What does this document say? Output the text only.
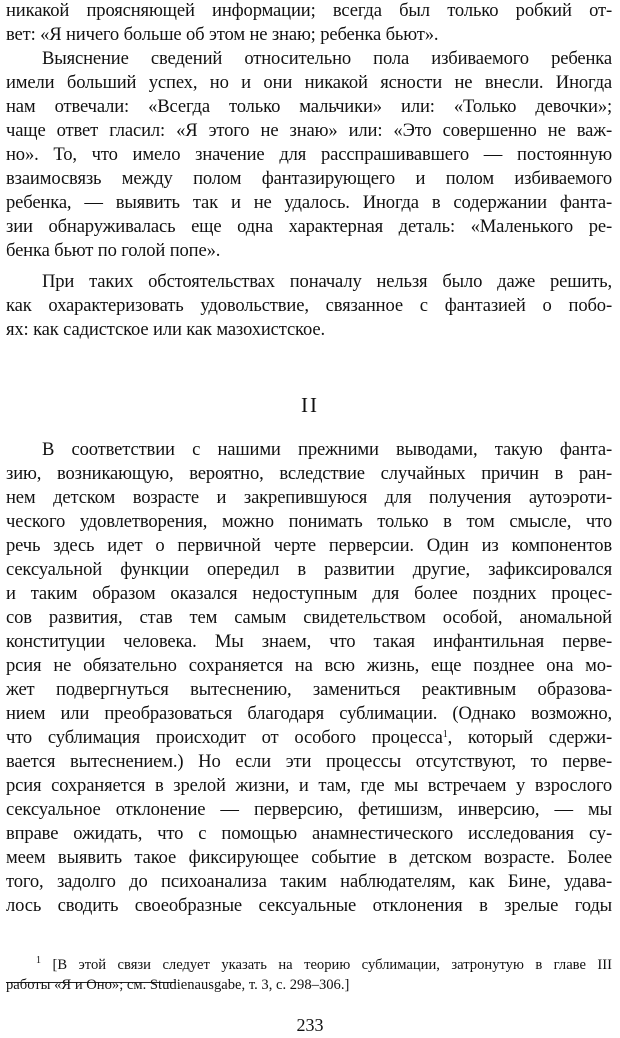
никакой проясняющей информации; всегда был только робкий от-
вет: «Я ничего больше об этом не знаю; ребенка бьют».
Выяснение сведений относительно пола избиваемого ребенка
имели больший успех, но и они никакой ясности не внесли. Иногда
нам отвечали: «Всегда только мальчики» или: «Только девочки»;
чаще ответ гласил: «Я этого не знаю» или: «Это совершенно не важ-
но». То, что имело значение для расспрашивавшего — постоянную
взаимосвязь между полом фантазирующего и полом избиваемого
ребенка, — выявить так и не удалось. Иногда в содержании фанта-
зии обнаруживалась еще одна характерная деталь: «Маленького ре-
бенка бьют по голой попе».
При таких обстоятельствах поначалу нельзя было даже решить,
как охарактеризовать удовольствие, связанное с фантазией о побо-
ях: как садистское или как мазохистское.
II
В соответствии с нашими прежними выводами, такую фанта-
зию, возникающую, вероятно, вследствие случайных причин в ран-
нем детском возрасте и закрепившуюся для получения аутоэроти-
ческого удовлетворения, можно понимать только в том смысле, что
речь здесь идет о первичной черте перверсии. Один из компонентов
сексуальной функции опередил в развитии другие, зафиксировался
и таким образом оказался недоступным для более поздних процес-
сов развития, став тем самым свидетельством особой, аномальной
конституции человека. Мы знаем, что такая инфантильная перве-
рсия не обязательно сохраняется на всю жизнь, еще позднее она мо-
жет подвергнуться вытеснению, замениться реактивным образова-
нием или преобразоваться благодаря сублимации. (Однако возможно,
что сублимация происходит от особого процесса$^1$, который сдержи-
вается вытеснением.) Но если эти процессы отсутствуют, то перве-
рсия сохраняется в зрелой жизни, и там, где мы встречаем у взрослого
сексуальное отклонение — перверсию, фетишизм, инверсию, — мы
вправе ожидать, что с помощью анамнестического исследования су-
меем выявить такое фиксирующее событие в детском возрасте. Более
того, задолго до психоанализа таким наблюдателям, как Бине, удава-
лось сводить своеобразные сексуальные отклонения в зрелые годы
$^1$ [В этой связи следует указать на теорию сублимации, затронутую в главе III
работы «Я и Оно»; см. Studienausgabe, т. 3, с. 298–306.]
233
